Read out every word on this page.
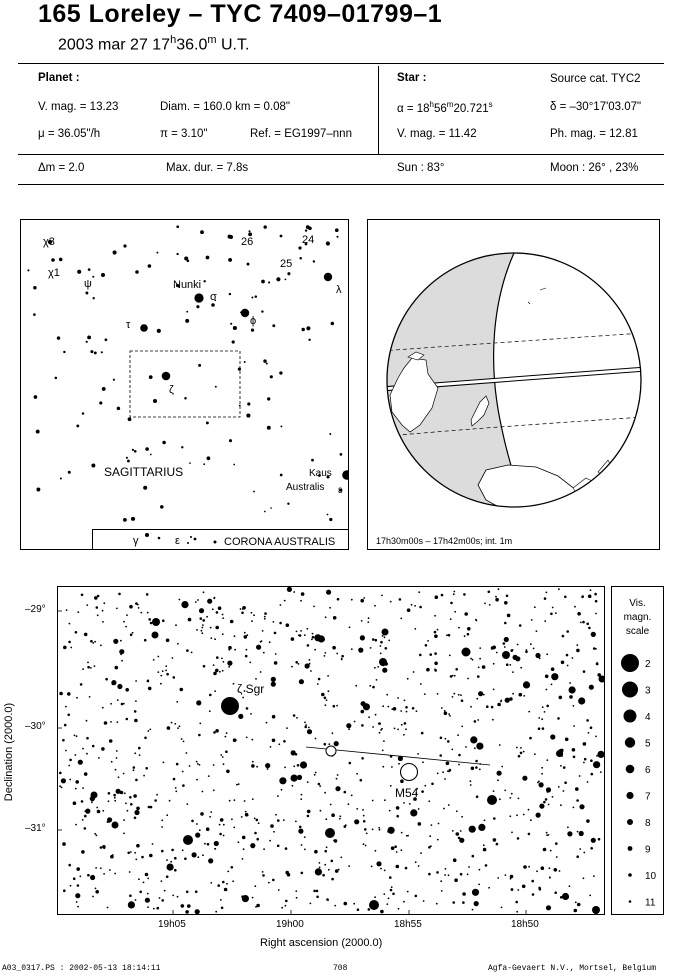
165 Loreley – TYC 7409–01799–1
2003 mar 27 17$^h$36.0$^m$ U.T.
Planet :
V. mag. = 13.23	Diam. = 160.0 km = 0.08"
μ = 36.05"/h	π = 3.10"	Ref. = EG1997–nnn
Star :	Source cat. TYC2
$\alpha = 18^h56^m20.721^s$	δ = –30°17'03.07"
V. mag. = 11.42	Ph. mag. = 12.81
Δm = 2.0	Max. dur. = 7.8s	Sun : 83°	Moon : 26° , 23%
χ3
χ1
ψ
26	24
25
Nunki
σ
λ
τ	ϕ
ζ
SAGITTARIUS	Kaus
Australis ε
γ	ε	CORONA AUSTRALIS	17h30m00s – 17h42m00s; int. 1m
ζ Sgr
M54
–29°
–30°
–31°
19h05	19h00	18h55	18h50
Right ascension (2000.0)
Declination (2000.0)
Vis.
magn.
scale
2
3
4
5
6
7
8
9
10
11
A03_0317.PS : 2002-05-13 18:14:11	708	Agfa-Gevaert N.V., Mortsel, Belgium
